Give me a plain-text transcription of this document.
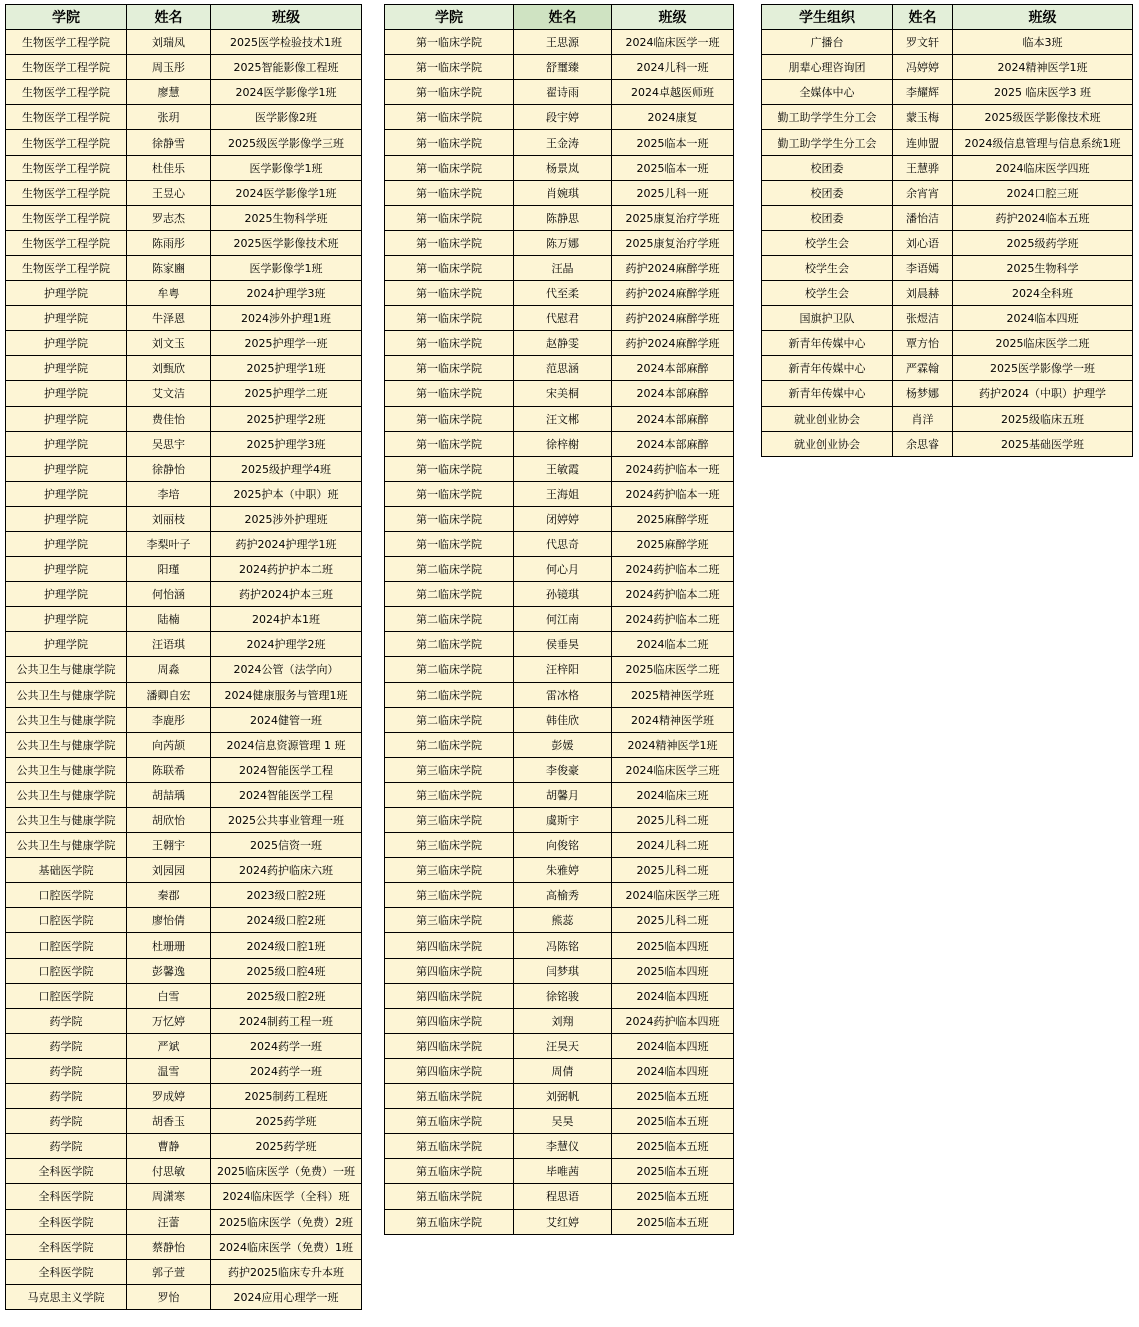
学院	姓名	班级
生物医学工程学院	刘瑞凤	2025医学检验技术1班
生物医学工程学院	周玉彤	2025智能影像工程班
生物医学工程学院	廖慧	2024医学影像学1班
生物医学工程学院	张玥	医学影像2班
生物医学工程学院	徐静雪	2025级医学影像学三班
生物医学工程学院	杜佳乐	医学影像学1班
生物医学工程学院	王昱心	2024医学影像学1班
生物医学工程学院	罗志杰	2025生物科学班
生物医学工程学院	陈雨彤	2025医学影像技术班
生物医学工程学院	陈家豳	医学影像学1班
护理学院	牟粤	2024护理学3班
护理学院	牛泽恩	2024涉外护理1班
护理学院	刘文玉	2025护理学一班
护理学院	刘甄欣	2025护理学1班
护理学院	艾文洁	2025护理学二班
护理学院	费佳怡	2025护理学2班
护理学院	吴思宇	2025护理学3班
护理学院	徐静怡	2025级护理学4班
护理学院	李培	2025护本（中职）班
护理学院	刘丽枝	2025涉外护理班
护理学院	李梨叶子	药护2024护理学1班
护理学院	阳瑾	2024药护护本二班
护理学院	何怡涵	药护2024护本三班
护理学院	陆楠	2024护本1班
护理学院	汪语琪	2024护理学2班
公共卫生与健康学院	周淼	2024公管（法学向）
公共卫生与健康学院	潘卿自宏	2024健康服务与管理1班
公共卫生与健康学院	李鹿彤	2024健管一班
公共卫生与健康学院	向芮颉	2024信息资源管理 1 班
公共卫生与健康学院	陈联希	2024智能医学工程
公共卫生与健康学院	胡喆瑀	2024智能医学工程
公共卫生与健康学院	胡欣怡	2025公共事业管理一班
公共卫生与健康学院	王翱宇	2025信资一班
基础医学院	刘园园	2024药护临床六班
口腔医学院	秦郡	2023级口腔2班
口腔医学院	廖怡倩	2024级口腔2班
口腔医学院	杜珊珊	2024级口腔1班
口腔医学院	彭馨逸	2025级口腔4班
口腔医学院	白雪	2025级口腔2班
药学院	万忆婷	2024制药工程一班
药学院	严斌	2024药学一班
药学院	温雪	2024药学一班
药学院	罗成婷	2025制药工程班
药学院	胡香玉	2025药学班
药学院	曹静	2025药学班
全科医学院	付思敏	2025临床医学（免费）一班
全科医学院	周潇寒	2024临床医学（全科）班
全科医学院	汪蕾	2025临床医学（免费）2班
全科医学院	蔡静怡	2024临床医学（免费）1班
全科医学院	郭子萱	药护2025临床专升本班
马克思主义学院	罗怡	2024应用心理学一班
学院	姓名	班级
第一临床学院	王思源	2024临床医学一班
第一临床学院	舒璽臻	2024儿科一班
第一临床学院	翟诗雨	2024卓越医师班
第一临床学院	段宇婷	2024康复
第一临床学院	王金涛	2025临本一班
第一临床学院	杨景岚	2025临本一班
第一临床学院	肖婉琪	2025儿科一班
第一临床学院	陈静思	2025康复治疗学班
第一临床学院	陈万娜	2025康复治疗学班
第一临床学院	汪晶	药护2024麻醉学班
第一临床学院	代至柔	药护2024麻醉学班
第一临床学院	代慰君	药护2024麻醉学班
第一临床学院	赵静雯	药护2024麻醉学班
第一临床学院	范思涵	2024本部麻醉
第一临床学院	宋美桐	2024本部麻醉
第一临床学院	汪文郴	2024本部麻醉
第一临床学院	徐梓榭	2024本部麻醉
第一临床学院	王敏霞	2024药护临本一班
第一临床学院	王海姐	2024药护临本一班
第一临床学院	闭婷婷	2025麻醉学班
第一临床学院	代思奇	2025麻醉学班
第二临床学院	何心月	2024药护临本二班
第二临床学院	孙镜琪	2024药护临本二班
第二临床学院	何江南	2024药护临本二班
第二临床学院	侯垂昊	2024临本二班
第二临床学院	汪梓阳	2025临床医学二班
第二临床学院	雷冰格	2025精神医学班
第二临床学院	韩佳欣	2024精神医学班
第二临床学院	彭媛	2024精神医学1班
第三临床学院	李俊豪	2024临床医学三班
第三临床学院	胡馨月	2024临床三班
第三临床学院	虞斯宇	2025儿科二班
第三临床学院	向俊铭	2024儿科二班
第三临床学院	朱雅婷	2025儿科二班
第三临床学院	高榆秀	2024临床医学三班
第三临床学院	熊蕊	2025儿科二班
第四临床学院	冯陈铭	2025临本四班
第四临床学院	闫梦琪	2025临本四班
第四临床学院	徐铭骏	2024临本四班
第四临床学院	刘翔	2024药护临本四班
第四临床学院	汪昊天	2024临本四班
第四临床学院	周倩	2024临本四班
第五临床学院	刘弼帆	2025临本五班
第五临床学院	吴昊	2025临本五班
第五临床学院	李慧仪	2025临本五班
第五临床学院	毕唯茜	2025临本五班
第五临床学院	程思语	2025临本五班
第五临床学院	艾红婷	2025临本五班
学生组织	姓名	班级
广播台	罗文轩	临本3班
朋辈心理咨询团	冯婷婷	2024精神医学1班
全媒体中心	李耀辉	2025 临床医学3 班
勤工助学学生分工会	蒙玉梅	2025级医学影像技术班
勤工助学学生分工会	连帅盟	2024级信息管理与信息系统1班
校团委	王慧骅	2024临床医学四班
校团委	余宵宵	2024口腔三班
校团委	潘怡洁	药护2024临本五班
校学生会	刘心语	2025级药学班
校学生会	李语嫣	2025生物科学
校学生会	刘晨赫	2024全科班
国旗护卫队	张煜洁	2024临本四班
新青年传媒中心	覃方怡	2025临床医学二班
新青年传媒中心	严霖翰	2025医学影像学一班
新青年传媒中心	杨梦娜	药护2024（中职）护理学
就业创业协会	肖洋	2025级临床五班
就业创业协会	余思睿	2025基础医学班
